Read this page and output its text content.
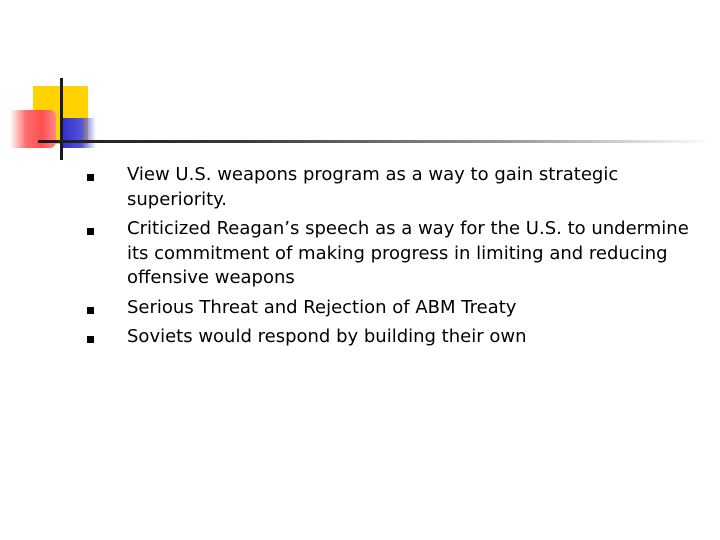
View U.S. weapons program as a way to gain strategic superiority.
Criticized Reagan’s speech as a way for the U.S. to undermine its commitment of making progress in limiting and reducing offensive weapons
Serious Threat and Rejection of ABM Treaty
Soviets would respond by building their own
